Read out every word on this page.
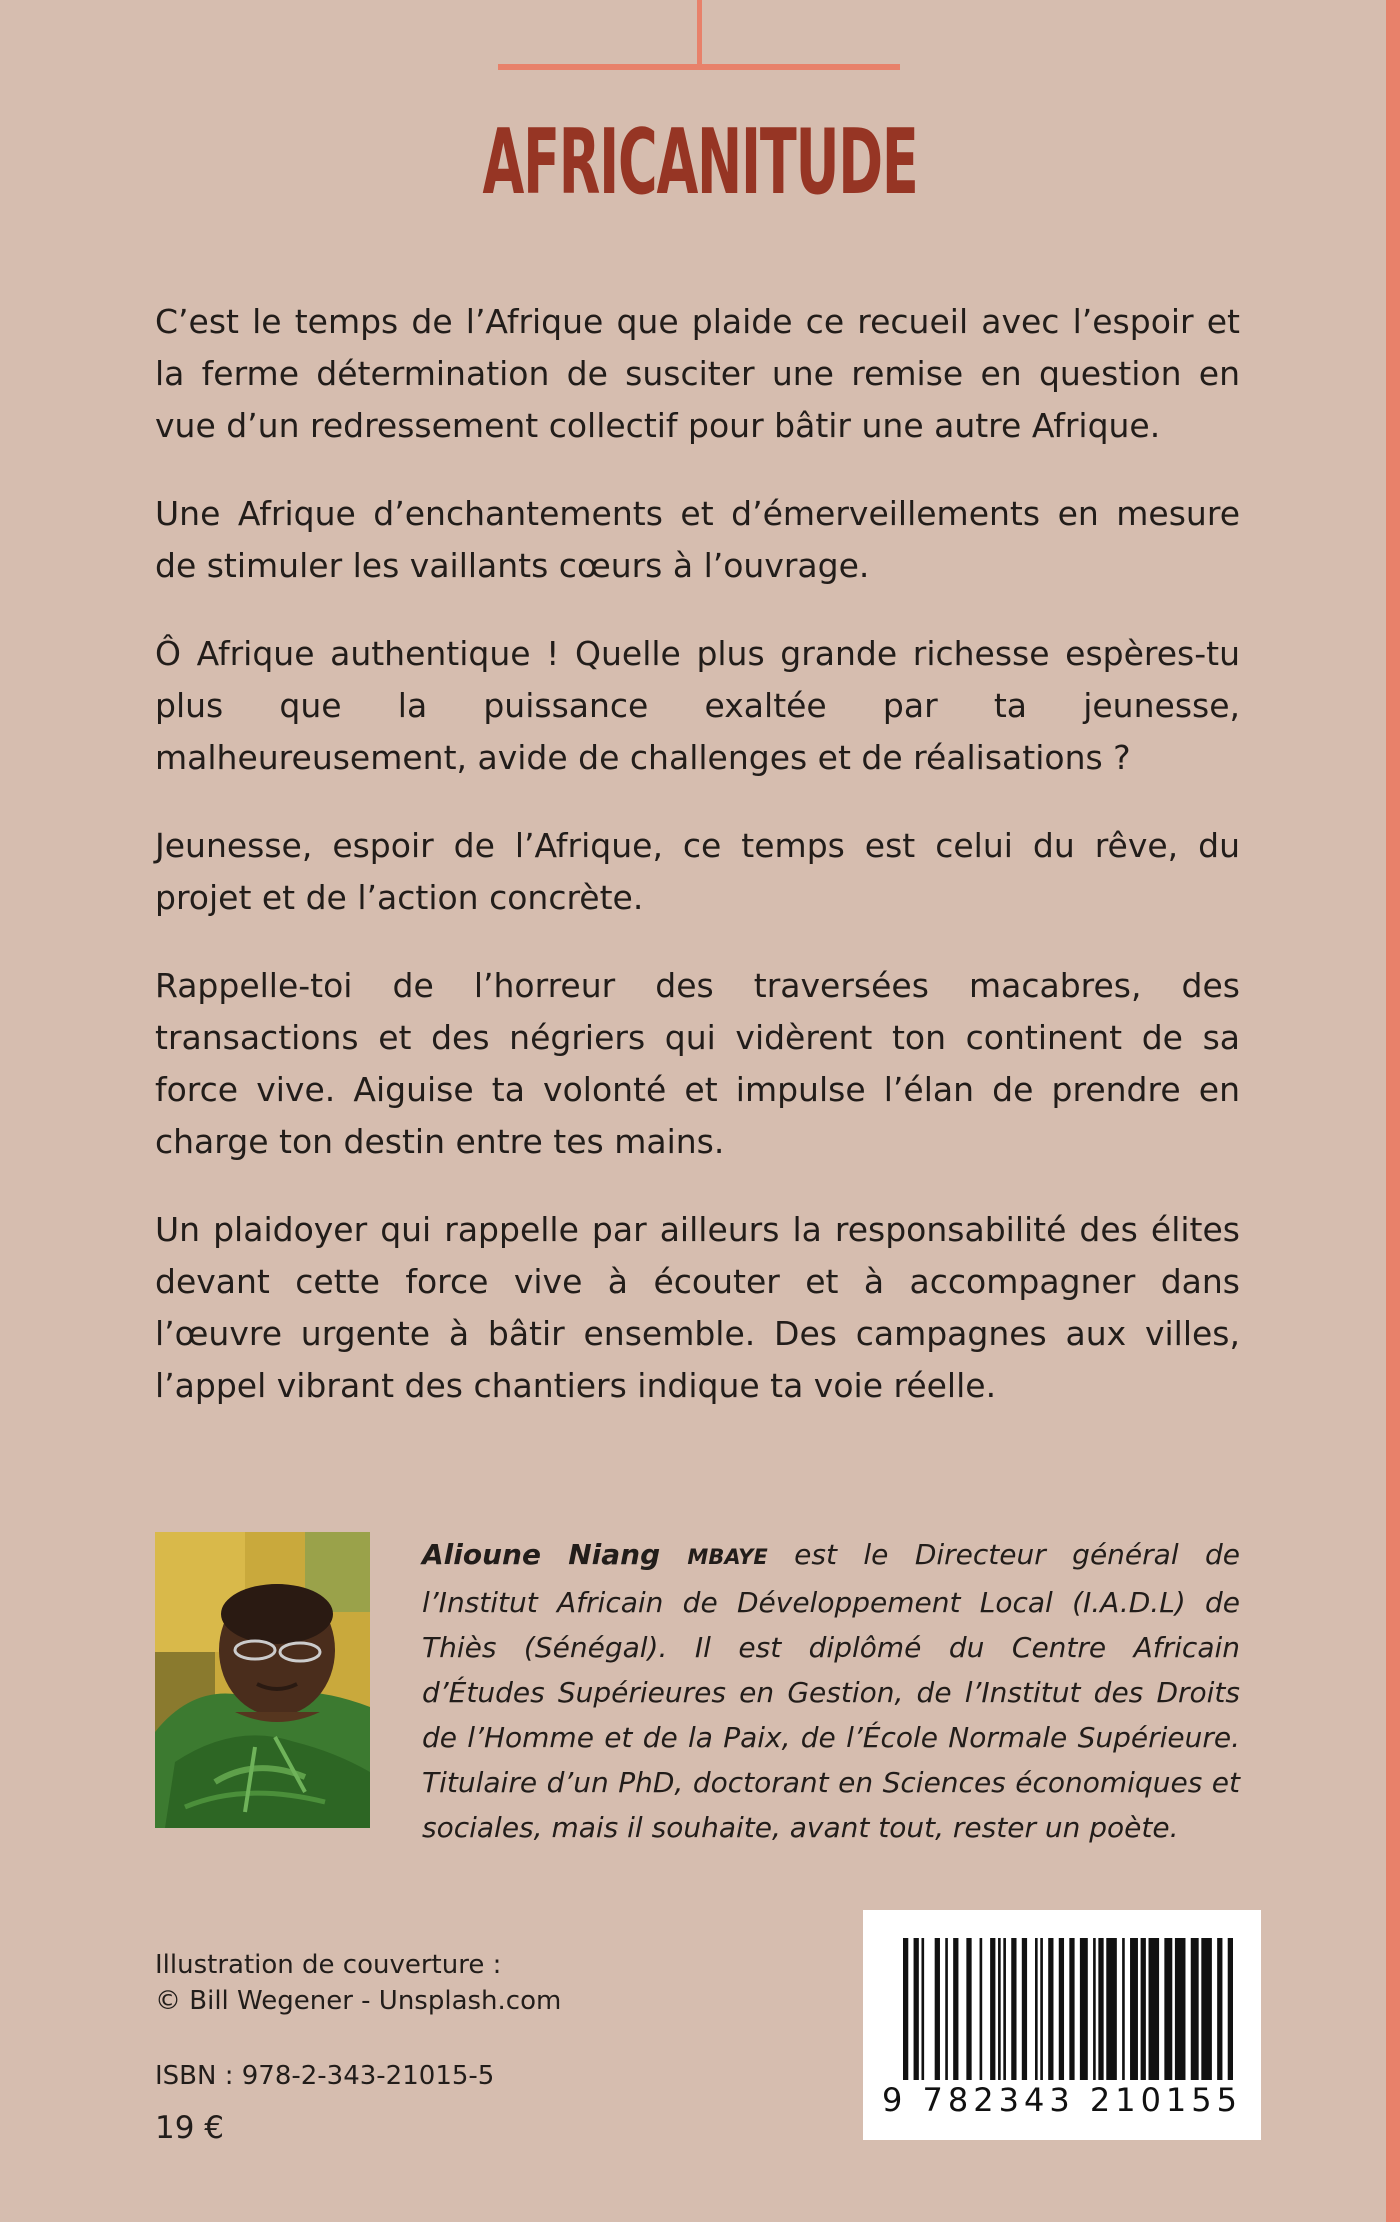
AFRICANITUDE

C’est le temps de l’Afrique que plaide ce recueil avec l’espoir et la ferme détermination de susciter une remise en question en vue d’un redressement collectif pour bâtir une autre Afrique.

Une Afrique d’enchantements et d’émerveillements en mesure de stimuler les vaillants cœurs à l’ouvrage.

Ô Afrique authentique ! Quelle plus grande richesse espères-tu plus que la puissance exaltée par ta jeunesse, malheureusement, avide de challenges et de réalisations ?

Jeunesse, espoir de l’Afrique, ce temps est celui du rêve, du projet et de l’action concrète.

Rappelle-toi de l’horreur des traversées macabres, des transactions et des négriers qui vidèrent ton continent de sa force vive. Aiguise ta volonté et impulse l’élan de prendre en charge ton destin entre tes mains.

Un plaidoyer qui rappelle par ailleurs la responsabilité des élites devant cette force vive à écouter et à accompagner dans l’œuvre urgente à bâtir ensemble. Des campagnes aux villes, l’appel vibrant des chantiers indique ta voie réelle.

Alioune Niang MBAYE est le Directeur général de l’Institut Africain de Développement Local (I.A.D.L) de Thiès (Sénégal). Il est diplômé du Centre Africain d’Études Supérieures en Gestion, de l’Institut des Droits de l’Homme et de la Paix, de l’École Normale Supérieure. Titulaire d’un PhD, doctorant en Sciences économiques et sociales, mais il souhaite, avant tout, rester un poète.
Illustration de couverture :
© Bill Wegener - Unsplash.com
ISBN : 978-2-343-21015-5
19 €
9 782343 210155
